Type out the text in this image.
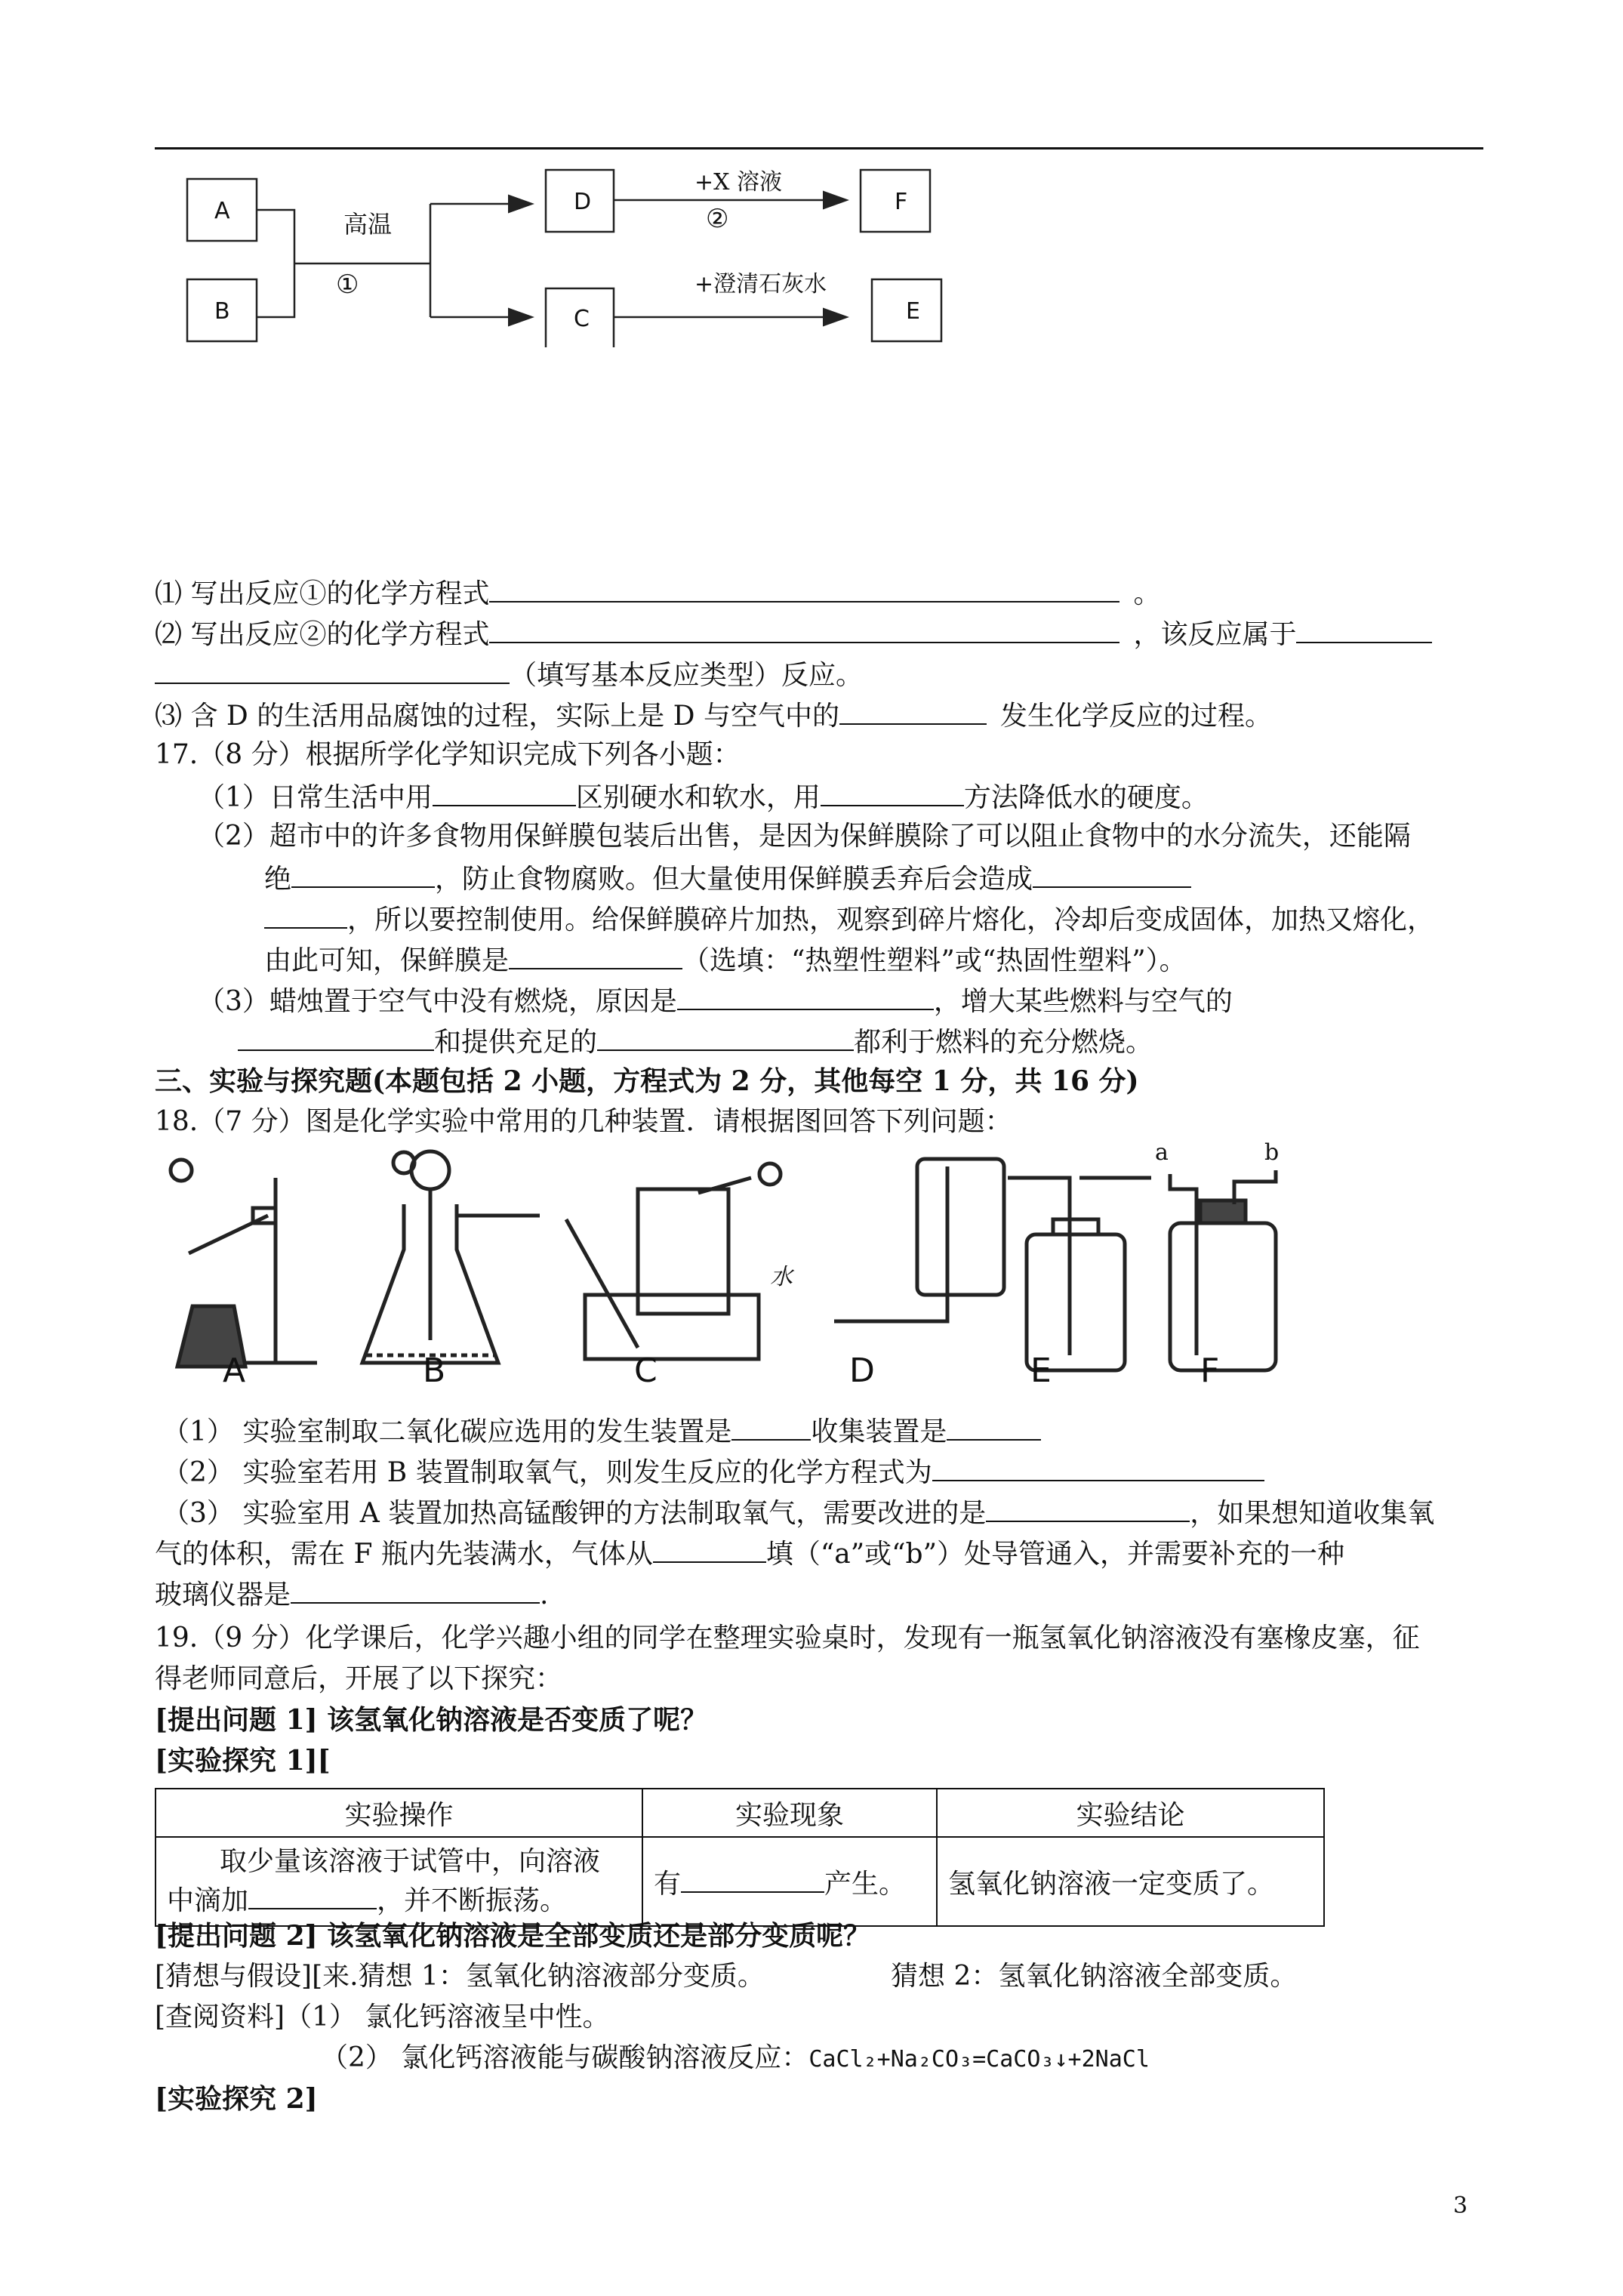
A
B
D
C
F
E
高温
①
+X 溶液
②
+澄清石灰水
⑴ 写出反应①的化学方程式	。
⑵ 写出反应②的化学方程式	，该反应属于
（填写基本反应类型）反应。
⑶ 含 D 的生活用品腐蚀的过程，实际上是 D 与空气中的	发生化学反应的过程。
17.（8 分）根据所学化学知识完成下列各小题：
（1）日常生活中用	区别硬水和软水，用	方法降低水的硬度。
（2）超市中的许多食物用保鲜膜包装后出售，是因为保鲜膜除了可以阻止食物中的水分流失，还能隔
绝	，防止食物腐败。但大量使用保鲜膜丢弃后会造成
，所以要控制使用。给保鲜膜碎片加热，观察到碎片熔化，冷却后变成固体，加热又熔化，
由此可知，保鲜膜是	（选填：“热塑性塑料”或“热固性塑料”）。
（3）蜡烛置于空气中没有燃烧，原因是	，增大某些燃料与空气的
和提供充足的	都利于燃料的充分燃烧。
三、实验与探究题(本题包括 2 小题，方程式为 2 分，其他每空 1 分，共 16 分)
18.（7 分）图是化学实验中常用的几种装置．请根据图回答下列问题：
水
a	b
A	B	C	D	E	F
（1） 实验室制取二氧化碳应选用的发生装置是	收集装置是
（2） 实验室若用 B 装置制取氧气，则发生反应的化学方程式为
（3） 实验室用 A 装置加热高锰酸钾的方法制取氧气，需要改进的是	，如果想知道收集氧
气的体积，需在 F 瓶内先装满水，气体从	填（“a”或“b”）处导管通入，并需要补充的一种
玻璃仪器是	.
19.（9 分）化学课后，化学兴趣小组的同学在整理实验桌时，发现有一瓶氢氧化钠溶液没有塞橡皮塞，征
得老师同意后，开展了以下探究：
[提出问题 1] 该氢氧化钠溶液是否变质了呢？
[实验探究 1][
实验操作	实验现象	实验结论

取少量该溶液于试管中，向溶液
中滴加 ，并不断振荡。	有 产生。	氢氧化钠溶液一定变质了。
[提出问题 2] 该氢氧化钠溶液是全部变质还是部分变质呢？
[猜想与假设][来.猜想 1：氢氧化钠溶液部分变质。	猜想 2：氢氧化钠溶液全部变质。
[查阅资料]（1） 氯化钙溶液呈中性。
（2） 氯化钙溶液能与碳酸钠溶液反应：CaCl₂+Na₂CO₃=CaCO₃↓+2NaCl
[实验探究 2]
3
